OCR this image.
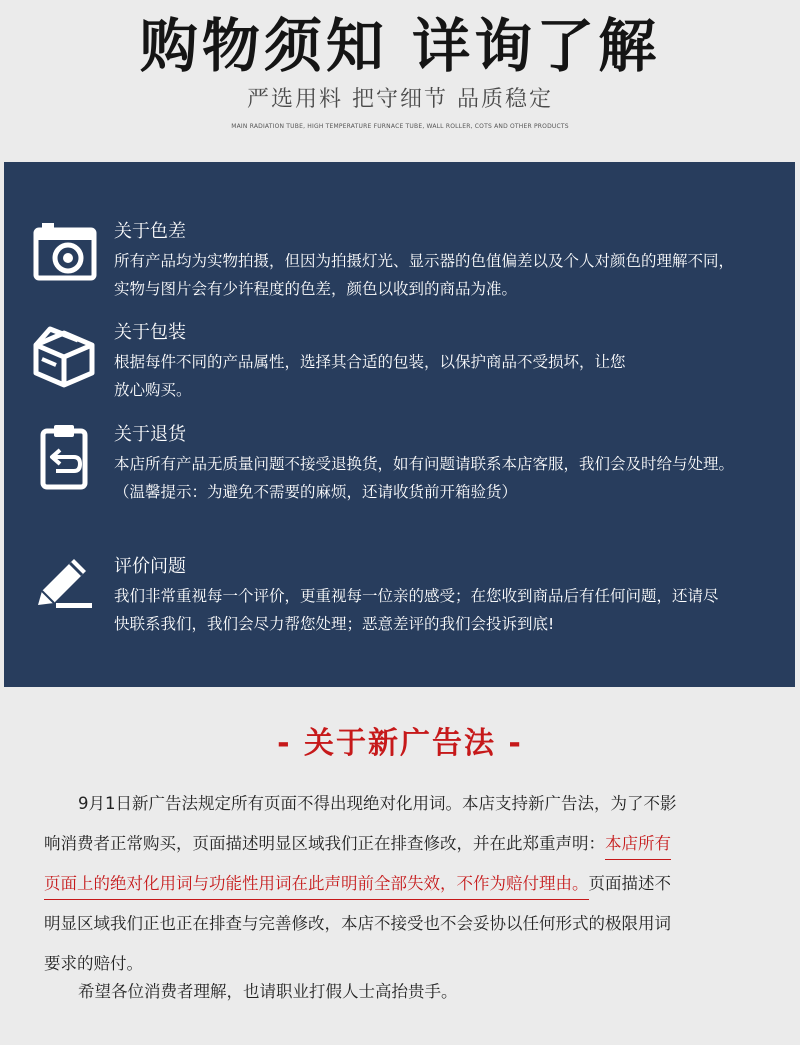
购物须知 详询了解
严选用料 把守细节 品质稳定
MAIN RADIATION TUBE, HIGH TEMPERATURE FURNACE TUBE, WALL ROLLER, COTS AND OTHER PRODUCTS
关于色差
所有产品均为实物拍摄，但因为拍摄灯光、显示器的色值偏差以及个人对颜色的理解不同，
实物与图片会有少许程度的色差，颜色以收到的商品为准。
关于包装
根据每件不同的产品属性，选择其合适的包装，以保护商品不受损坏，让您
放心购买。
关于退货
本店所有产品无质量问题不接受退换货，如有问题请联系本店客服，我们会及时给与处理。
（温馨提示：为避免不需要的麻烦，还请收货前开箱验货）
评价问题
我们非常重视每一个评价，更重视每一位亲的感受；在您收到商品后有任何问题，还请尽
快联系我们，我们会尽力帮您处理；恶意差评的我们会投诉到底!
- 关于新广告法 -
9月1日新广告法规定所有页面不得出现绝对化用词。本店支持新广告法，为了不影
响消费者正常购买，页面描述明显区域我们正在排查修改，并在此郑重声明：本店所有
页面上的绝对化用词与功能性用词在此声明前全部失效，不作为赔付理由。页面描述不
明显区域我们正也正在排查与完善修改，本店不接受也不会妥协以任何形式的极限用词
要求的赔付。
希望各位消费者理解，也请职业打假人士高抬贵手。
